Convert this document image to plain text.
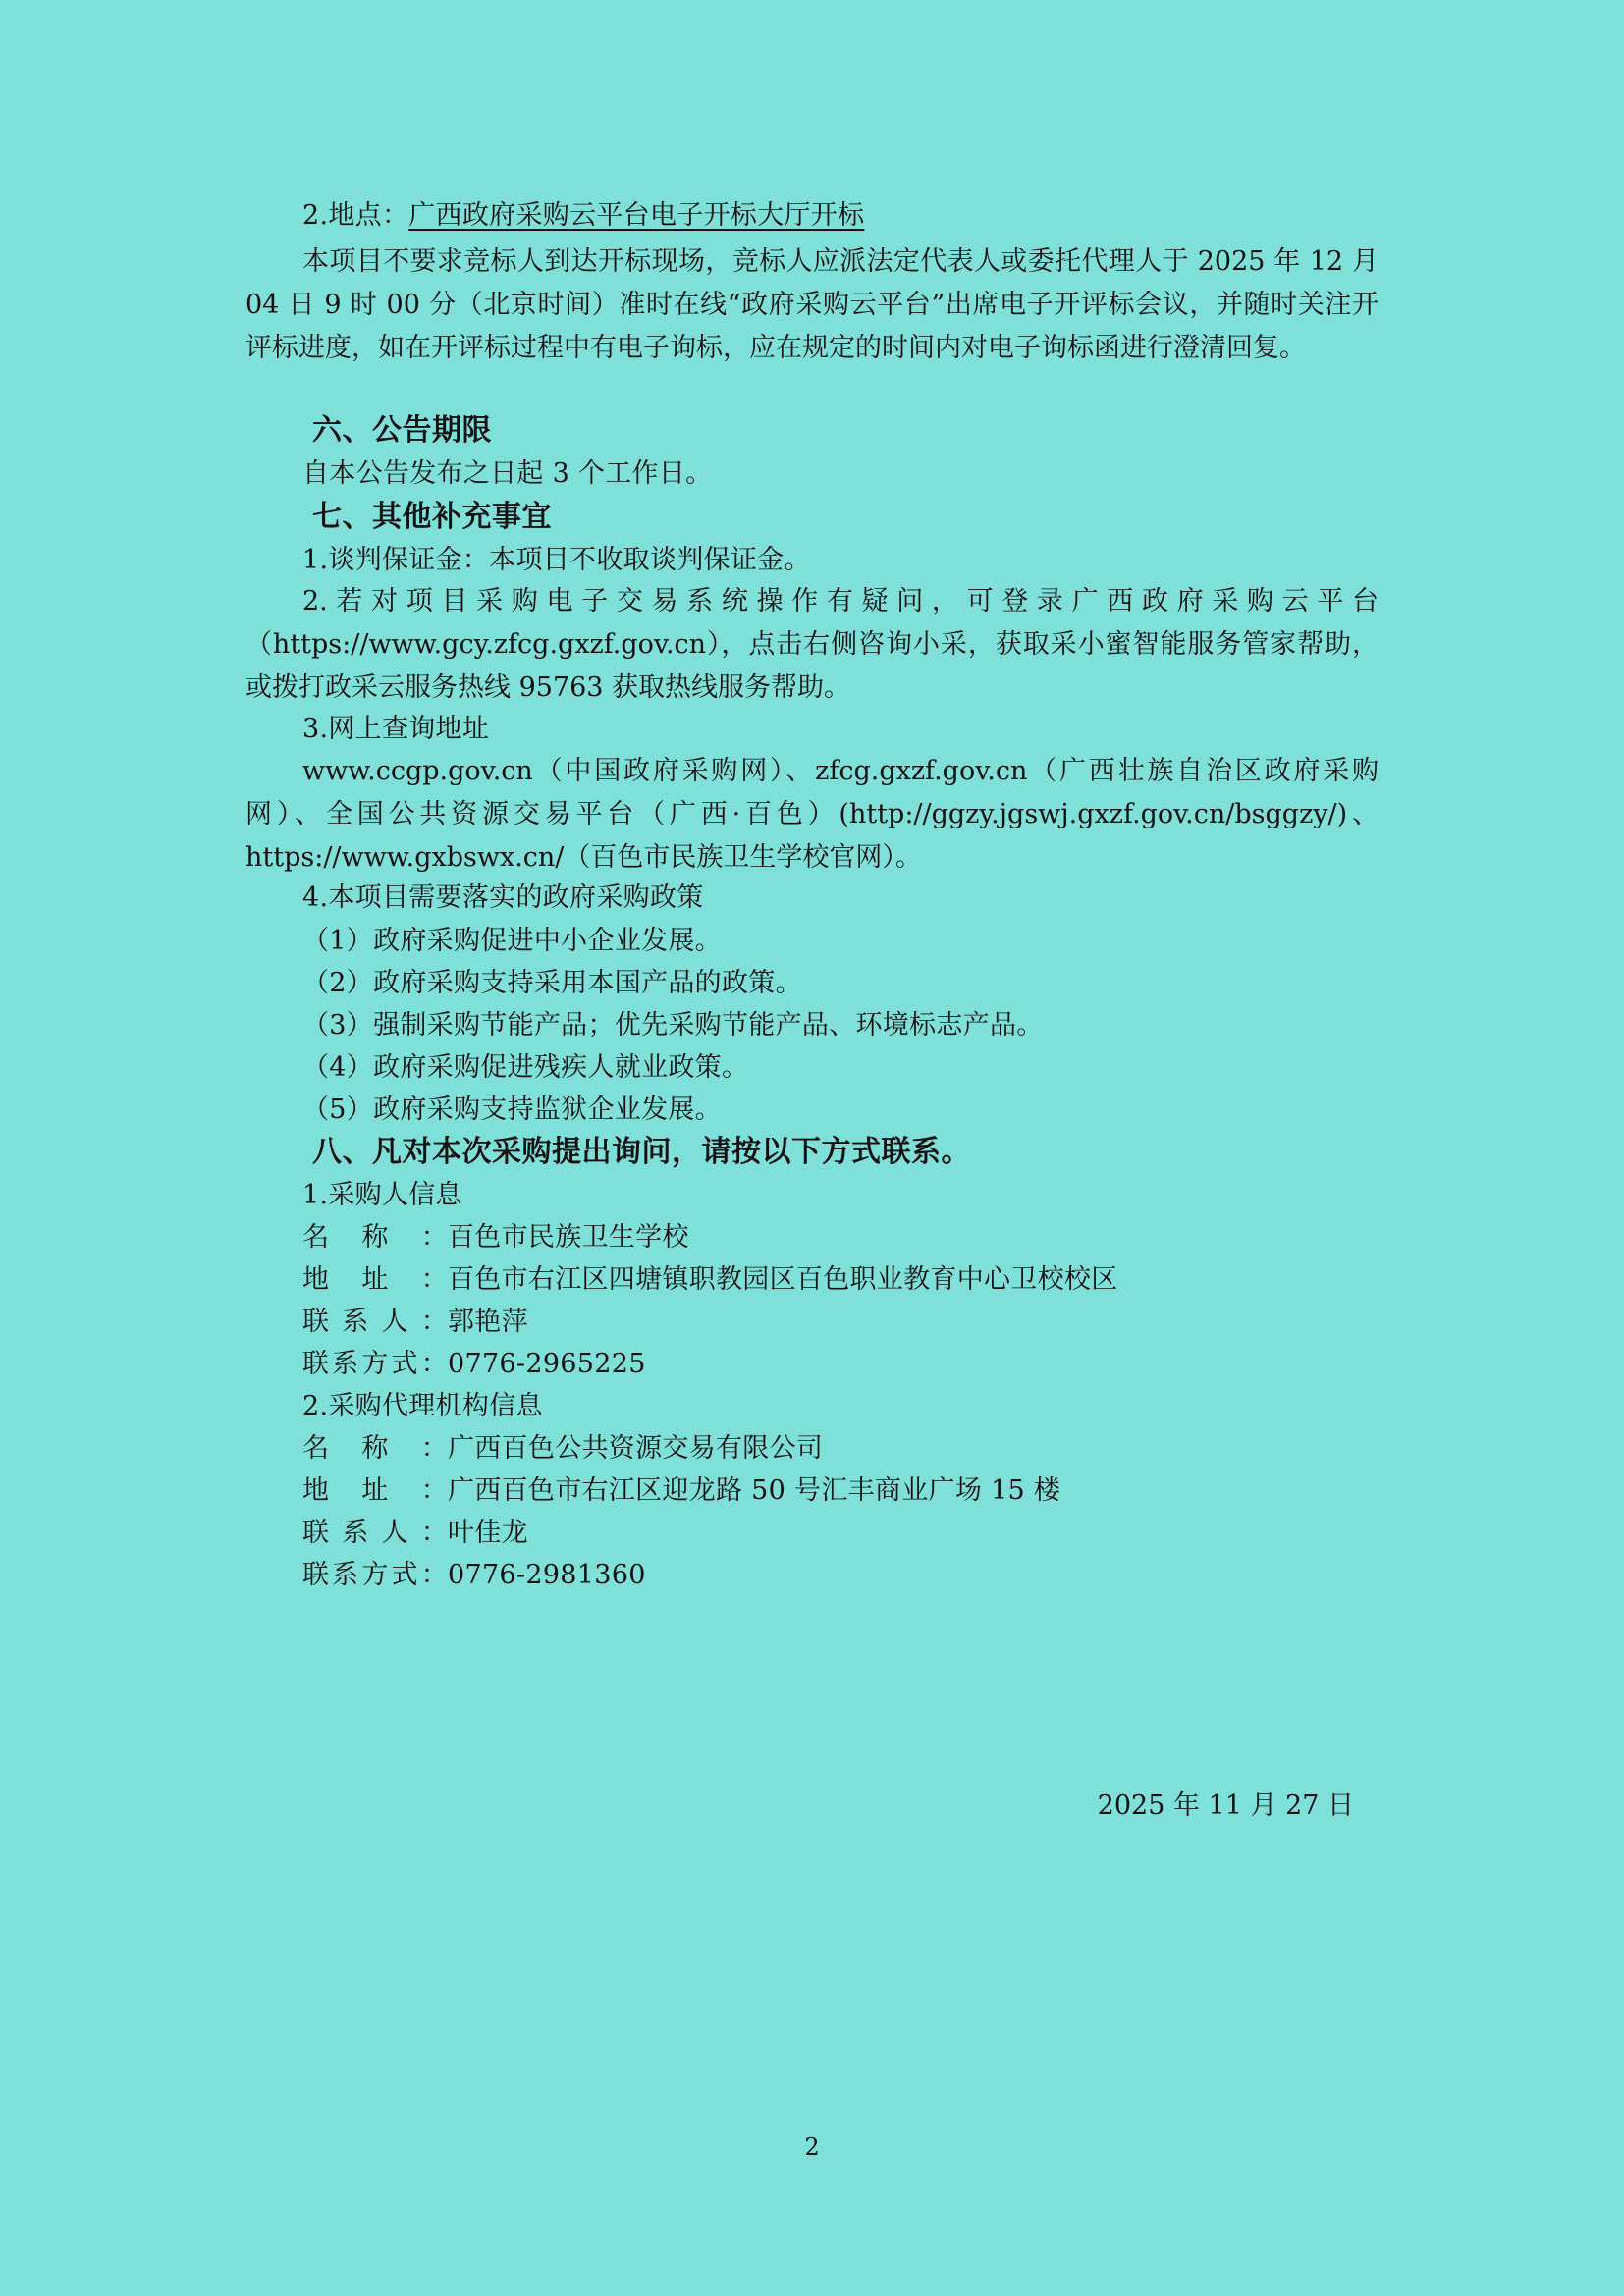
2.地点：广西政府采购云平台电子开标大厅开标
本项目不要求竞标人到达开标现场，竞标人应派法定代表人或委托代理人于 2025 年 12 月 04 日 9 时 00 分（北京时间）准时在线“政府采购云平台”出席电子开评标会议，并随时关注开评标进度，如在开评标过程中有电子询标，应在规定的时间内对电子询标函进行澄清回复。
六、公告期限
自本公告发布之日起 3 个工作日。
七、其他补充事宜
1.谈判保证金：本项目不收取谈判保证金。
2.若对项目采购电子交易系统操作有疑问，可登录广西政府采购云平台（https://www.gcy.zfcg.gxzf.gov.cn），点击右侧咨询小采，获取采小蜜智能服务管家帮助，或拨打政采云服务热线 95763 获取热线服务帮助。
3.网上查询地址
www.ccgp.gov.cn（中国政府采购网）、zfcg.gxzf.gov.cn（广西壮族自治区政府采购网）、全国公共资源交易平台（广西·百色）(http://ggzy.jgswj.gxzf.gov.cn/bsggzy/)、https://www.gxbswx.cn/（百色市民族卫生学校官网）。
4.本项目需要落实的政府采购政策
（1）政府采购促进中小企业发展。
（2）政府采购支持采用本国产品的政策。
（3）强制采购节能产品；优先采购节能产品、环境标志产品。
（4）政府采购促进残疾人就业政策。
（5）政府采购支持监狱企业发展。
八、凡对本次采购提出询问，请按以下方式联系。
1.采购人信息
名称：百色市民族卫生学校
地址：百色市右江区四塘镇职教园区百色职业教育中心卫校校区
联系人：郭艳萍
联系方式：0776-2965225
2.采购代理机构信息
名称：广西百色公共资源交易有限公司
地址：广西百色市右江区迎龙路 50 号汇丰商业广场 15 楼
联系人：叶佳龙
联系方式：0776-2981360
2025 年 11 月 27 日
2
